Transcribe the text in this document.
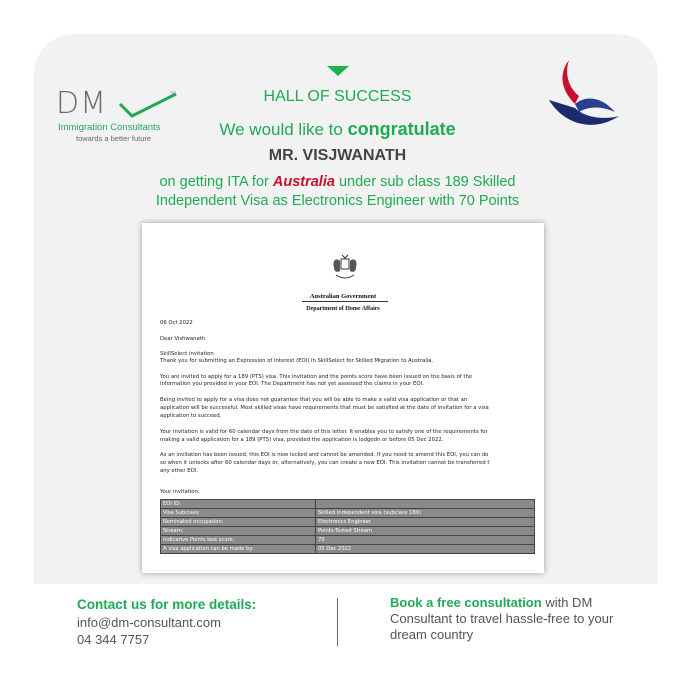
DM	TM
Immigration Consultants
towards a better future
HALL OF SUCCESS
We would like to congratulate
MR. VISJWANATH
on getting ITA for Australia under sub class 189 Skilled
Independent Visa as Electronics Engineer with 70 Points
Australian Government
Department of Home Affairs
06 Oct 2022
Dear Vishwanath
SkillSelect invitation
Thank you for submitting an Expression of Interest (EOI) in SkillSelect for Skilled Migration to Australia.
You are invited to apply for a 189 (PTS) visa. This invitation and the points score have been issued on the basis of the
information you provided in your EOI. The Department has not yet assessed the claims in your EOI.
Being invited to apply for a visa does not guarantee that you will be able to make a valid visa application or that an
application will be successful. Most skilled visas have requirements that must be satisfied at the date of invitation for a visa
application to succeed.
Your invitation is valid for 60 calendar days from the date of this letter. It enables you to satisfy one of the requirements for
making a valid application for a 189 (PTS) visa, provided the application is lodgedn or before 05 Dec 2022.
As an invitation has been issued, this EOI is now locked and cannot be amended. If you need to amend this EOI, you can do
so when it unlocks after 60 calendar days or, alternatively, you can create a new EOI. This invitation cannot be transferred t
any other EOI.
Your invitation:
EOI ID:	
Visa Subclass:	Skilled Independent visa (subclass 189)
Nominated occupation:	Electronics Engineer
Stream:	Points-Tested Stream
Indicative Points test score:	70
A visa application can be made by:	05 Dec 2022
Contact us for more details:
info@dm-consultant.com
04 344 7757
Book a free consultation with DM Consultant to travel hassle-free to your dream country
